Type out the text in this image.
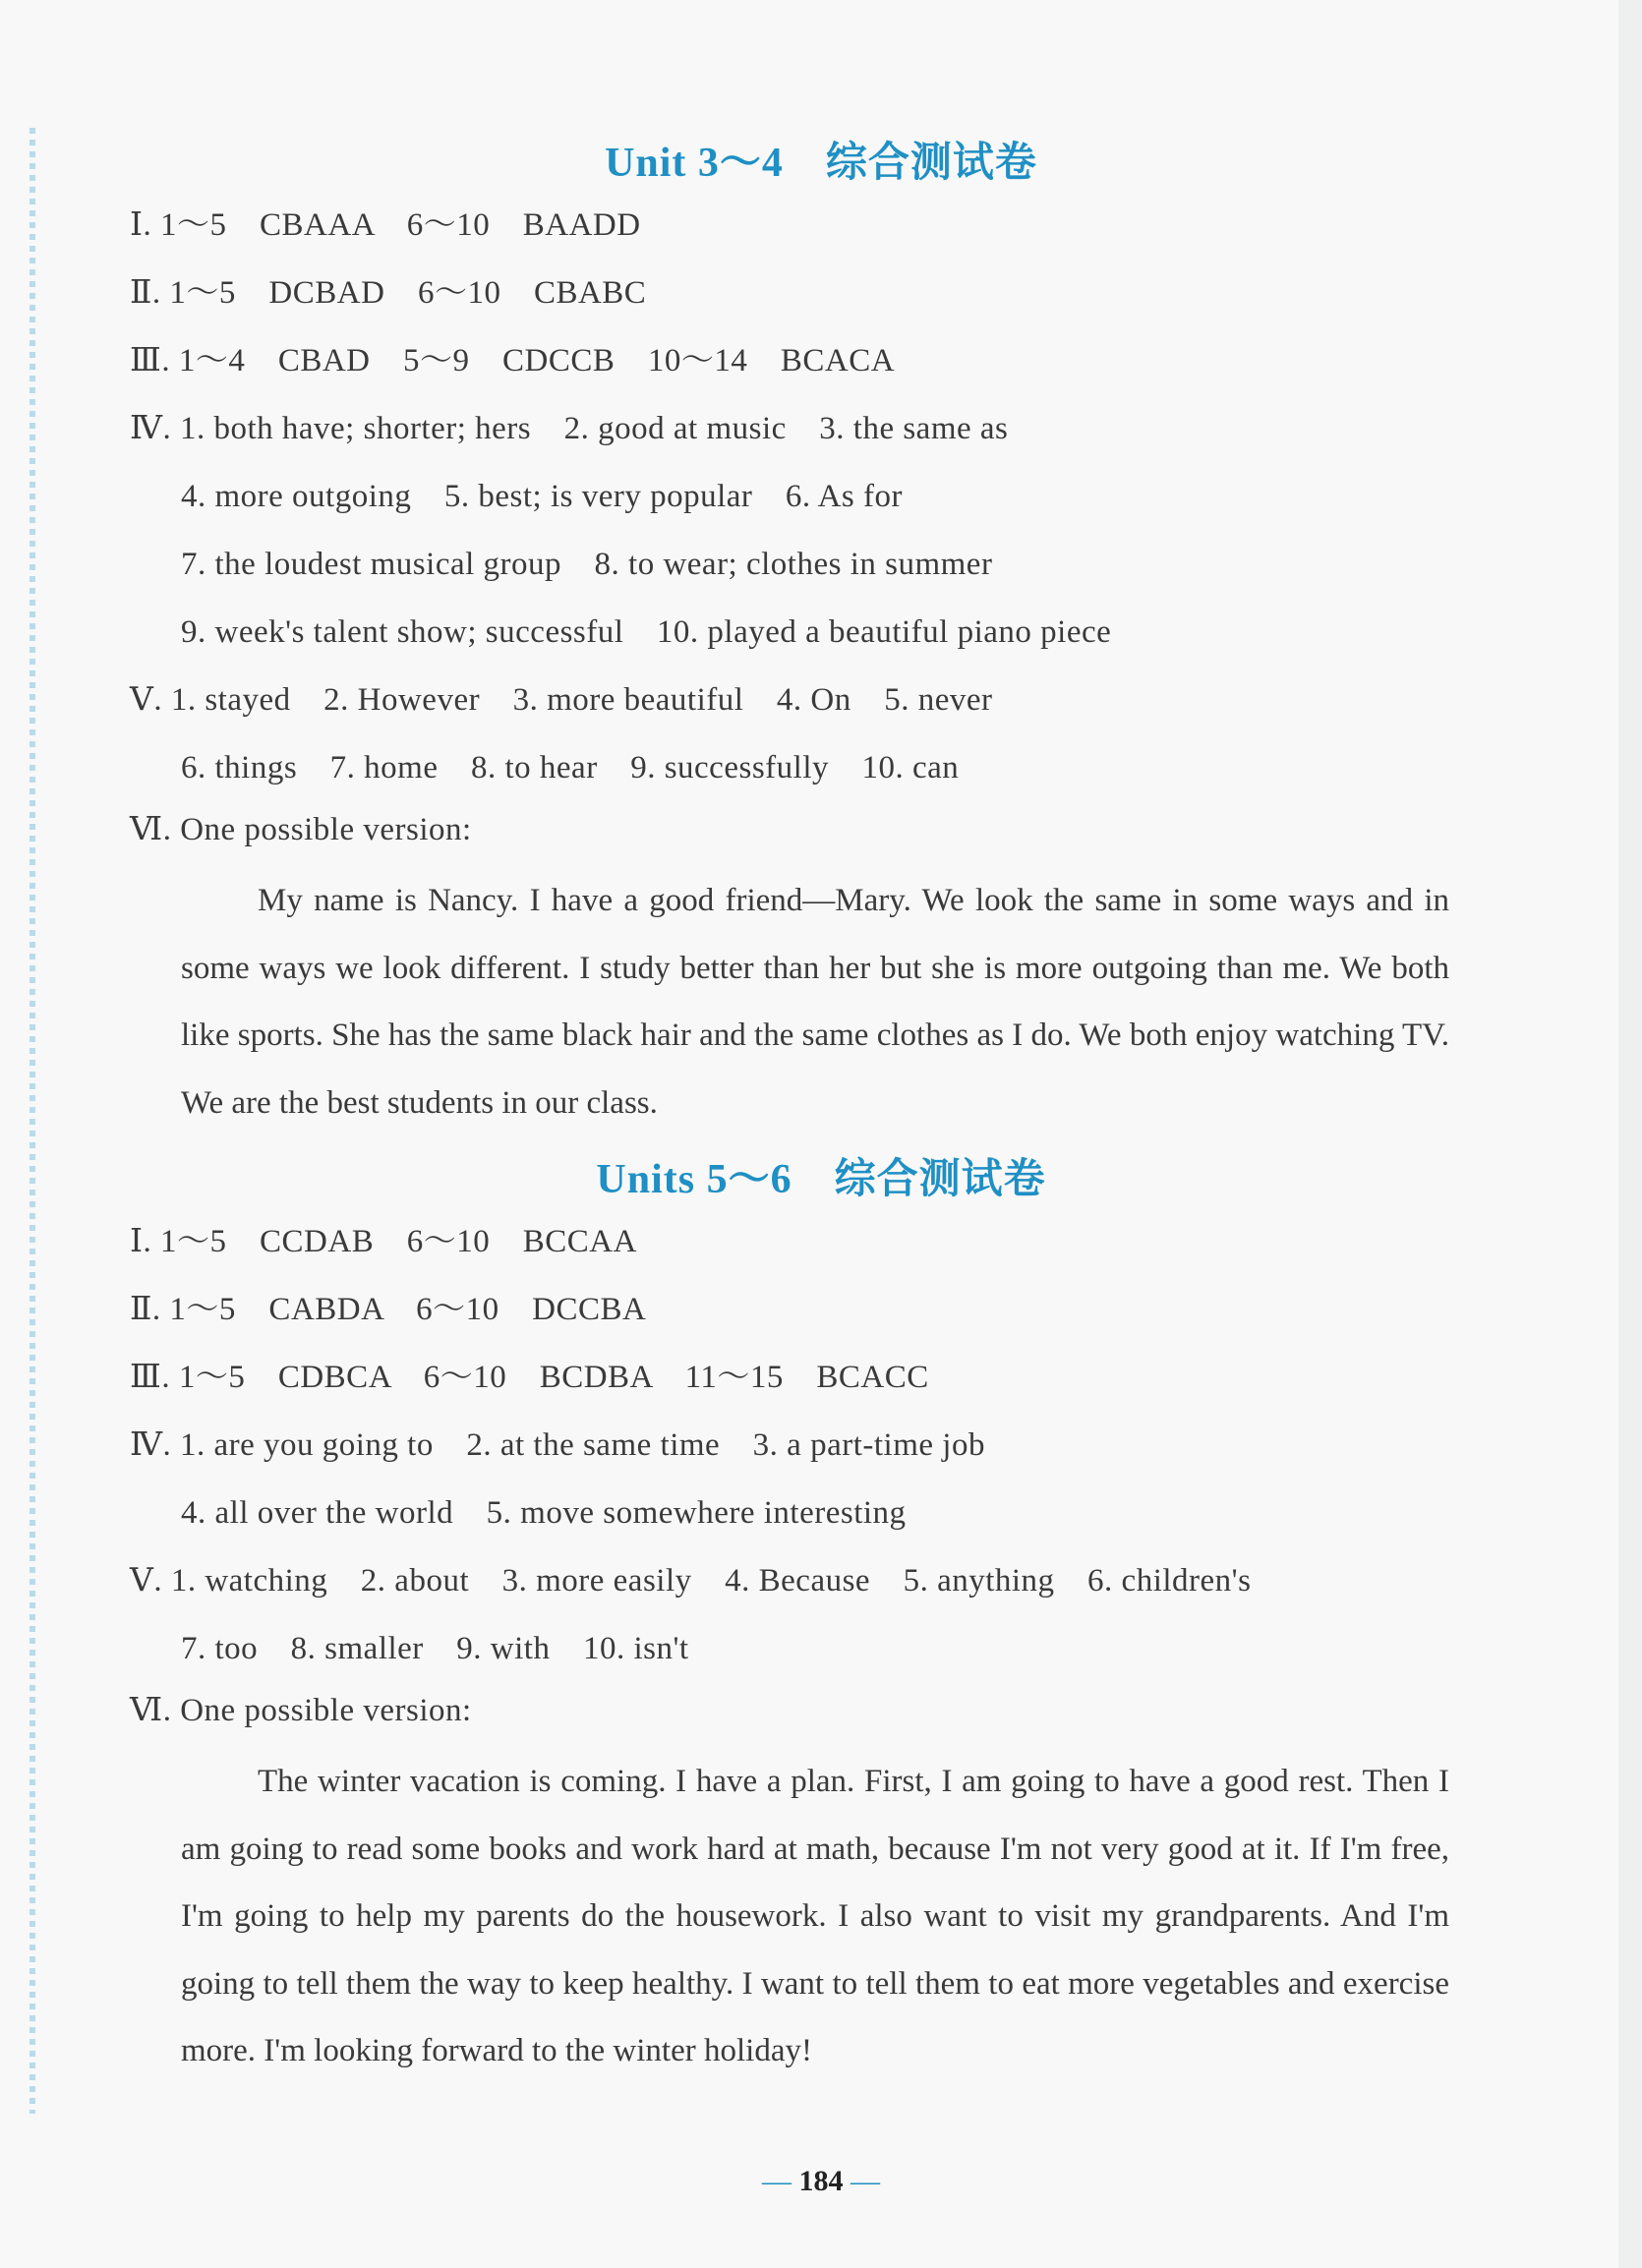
Unit 3～4　综合测试卷
Ⅰ. 1～5　CBAAA　6～10　BAADD
Ⅱ. 1～5　DCBAD　6～10　CBABC
Ⅲ. 1～4　CBAD　5～9　CDCCB　10～14　BCACA
Ⅳ. 1. both have; shorter; hers　2. good at music　3. the same as
4. more outgoing　5. best; is very popular　6. As for
7. the loudest musical group　8. to wear; clothes in summer
9. week's talent show; successful　10. played a beautiful piano piece
Ⅴ. 1. stayed　2. However　3. more beautiful　4. On　5. never
6. things　7. home　8. to hear　9. successfully　10. can
Ⅵ. One possible version:

My name is Nancy. I have a good friend—Mary. We look the same in some ways and in some ways we look different. I study better than her but she is more outgoing than me. We both like sports. She has the same black hair and the same clothes as I do. We both enjoy watching TV. We are the best students in our class.

Units 5～6　综合测试卷
Ⅰ. 1～5　CCDAB　6～10　BCCAA
Ⅱ. 1～5　CABDA　6～10　DCCBA
Ⅲ. 1～5　CDBCA　6～10　BCDBA　11～15　BCACC
Ⅳ. 1. are you going to　2. at the same time　3. a part-time job
4. all over the world　5. move somewhere interesting
Ⅴ. 1. watching　2. about　3. more easily　4. Because　5. anything　6. children's
7. too　8. smaller　9. with　10. isn't
Ⅵ. One possible version:

The winter vacation is coming. I have a plan. First, I am going to have a good rest. Then I am going to read some books and work hard at math, because I'm not very good at it. If I'm free, I'm going to help my parents do the housework. I also want to visit my grandparents. And I'm going to tell them the way to keep healthy. I want to tell them to eat more vegetables and exercise more. I'm looking forward to the winter holiday!

— 184 —
